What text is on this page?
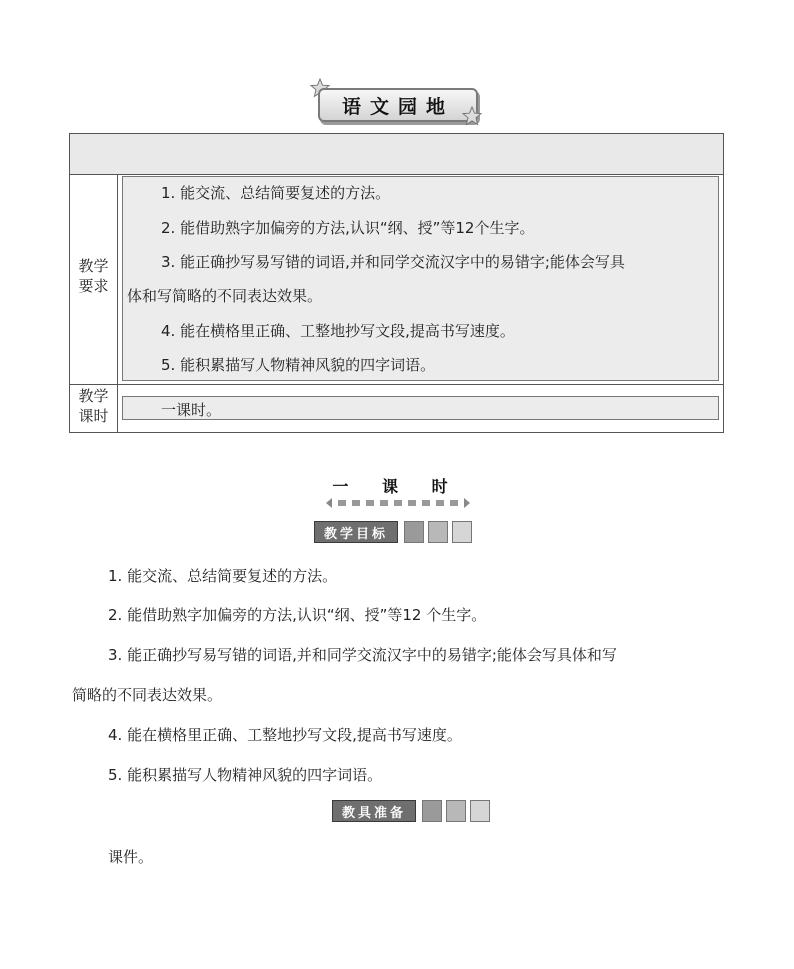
语文园地
教学
要求
1. 能交流、总结简要复述的方法。
2. 能借助熟字加偏旁的方法,认识“纲、授”等12个生字。
3. 能正确抄写易写错的词语,并和同学交流汉字中的易错字;能体会写具
体和写简略的不同表达效果。
4. 能在横格里正确、工整地抄写文段,提高书写速度。
5. 能积累描写人物精神风貌的四字词语。
教学
课时	一课时。
一 课 时
教学目标
1. 能交流、总结简要复述的方法。
2. 能借助熟字加偏旁的方法,认识“纲、授”等12 个生字。
3. 能正确抄写易写错的词语,并和同学交流汉字中的易错字;能体会写具体和写
简略的不同表达效果。
4. 能在横格里正确、工整地抄写文段,提高书写速度。
5. 能积累描写人物精神风貌的四字词语。
教具准备
课件。
